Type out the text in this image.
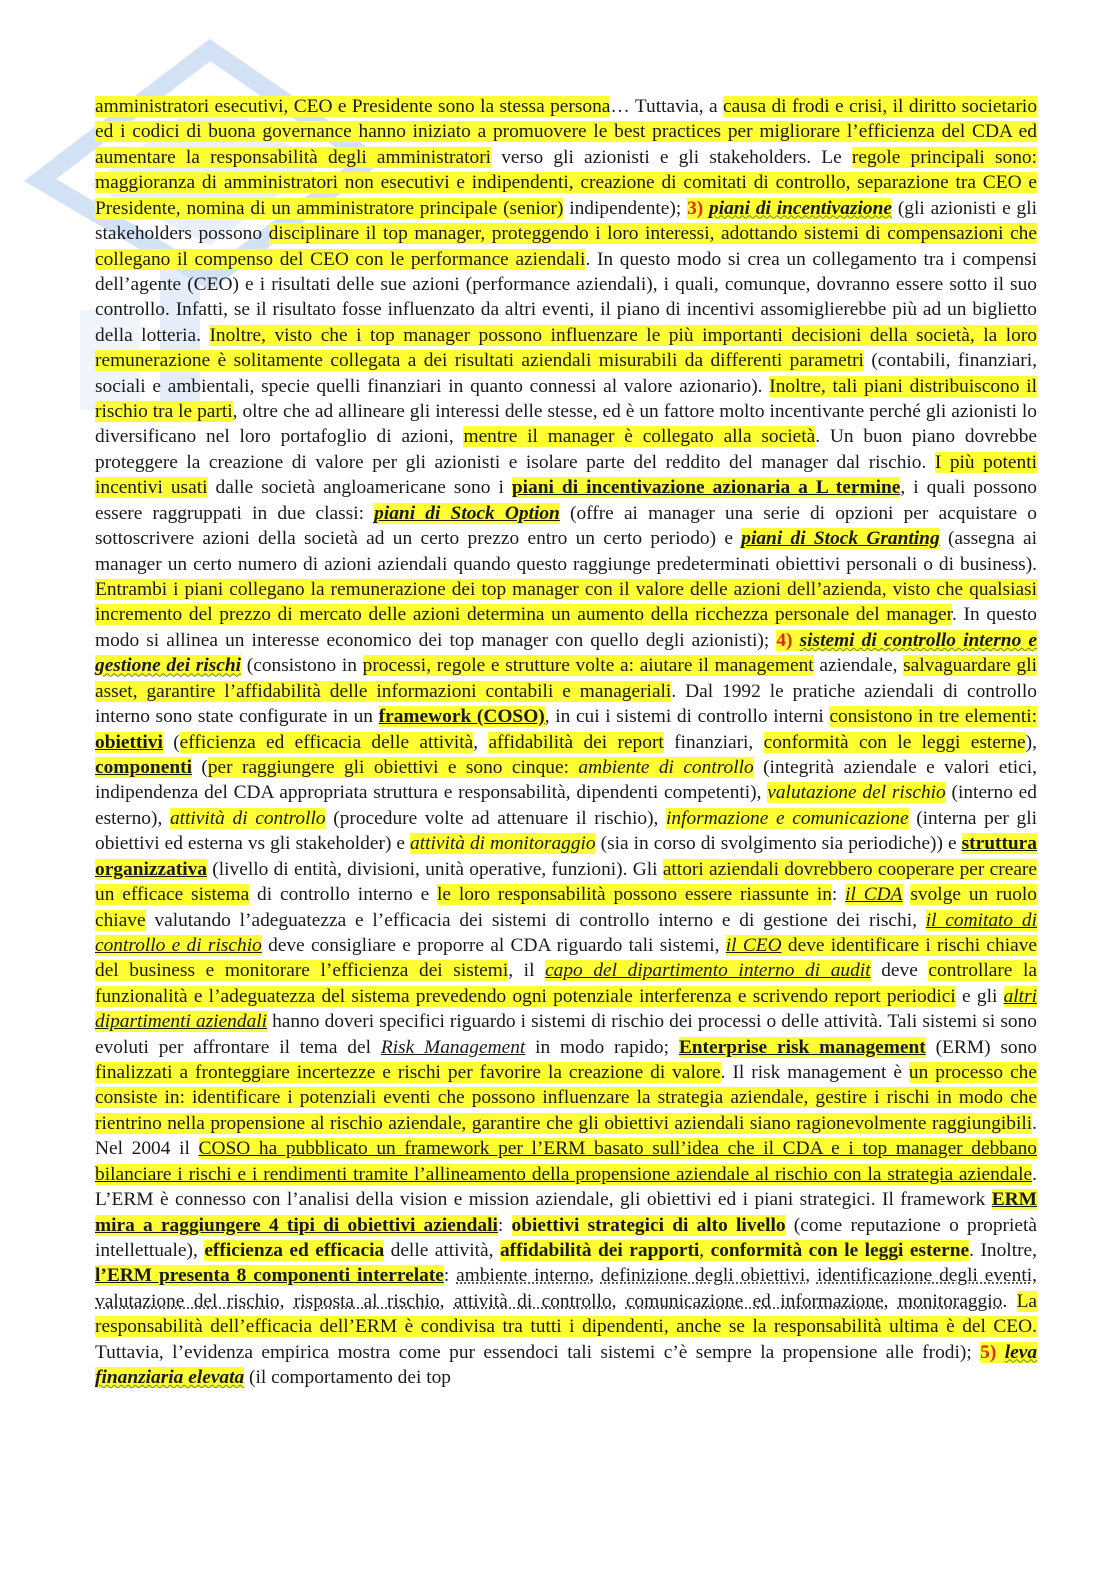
amministratori esecutivi, CEO e Presidente sono la stessa persona… Tuttavia, a causa di frodi e crisi, il diritto societario ed i codici di buona governance hanno iniziato a promuovere le best practices per migliorare l’efficienza del CDA ed aumentare la responsabilità degli amministratori verso gli azionisti e gli stakeholders. Le regole principali sono: maggioranza di amministratori non esecutivi e indipendenti, creazione di comitati di controllo, separazione tra CEO e Presidente, nomina di un amministratore principale (senior) indipendente); 3) piani di incentivazione (gli azionisti e gli stakeholders possono disciplinare il top manager, proteggendo i loro interessi, adottando sistemi di compensazioni che collegano il compenso del CEO con le performance aziendali. In questo modo si crea un collegamento tra i compensi dell’agente (CEO) e i risultati delle sue azioni (performance aziendali), i quali, comunque, dovranno essere sotto il suo controllo. Infatti, se il risultato fosse influenzato da altri eventi, il piano di incentivi assomiglierebbe più ad un biglietto della lotteria. Inoltre, visto che i top manager possono influenzare le più importanti decisioni della società, la loro remunerazione è solitamente collegata a dei risultati aziendali misurabili da differenti parametri (contabili, finanziari, sociali e ambientali, specie quelli finanziari in quanto connessi al valore azionario). Inoltre, tali piani distribuiscono il rischio tra le parti, oltre che ad allineare gli interessi delle stesse, ed è un fattore molto incentivante perché gli azionisti lo diversificano nel loro portafoglio di azioni, mentre il manager è collegato alla società. Un buon piano dovrebbe proteggere la creazione di valore per gli azionisti e isolare parte del reddito del manager dal rischio. I più potenti incentivi usati dalle società angloamericane sono i piani di incentivazione azionaria a L termine, i quali possono essere raggruppati in due classi: piani di Stock Option (offre ai manager una serie di opzioni per acquistare o sottoscrivere azioni della società ad un certo prezzo entro un certo periodo) e piani di Stock Granting (assegna ai manager un certo numero di azioni aziendali quando questo raggiunge predeterminati obiettivi personali o di business). Entrambi i piani collegano la remunerazione dei top manager con il valore delle azioni dell’azienda, visto che qualsiasi incremento del prezzo di mercato delle azioni determina un aumento della ricchezza personale del manager. In questo modo si allinea un interesse economico dei top manager con quello degli azionisti); 4) sistemi di controllo interno e gestione dei rischi (consistono in processi, regole e strutture volte a: aiutare il management aziendale, salvaguardare gli asset, garantire l’affidabilità delle informazioni contabili e manageriali. Dal 1992 le pratiche aziendali di controllo interno sono state configurate in un framework (COSO), in cui i sistemi di controllo interni consistono in tre elementi: obiettivi (efficienza ed efficacia delle attività, affidabilità dei report finanziari, conformità con le leggi esterne), componenti (per raggiungere gli obiettivi e sono cinque: ambiente di controllo (integrità aziendale e valori etici, indipendenza del CDA appropriata struttura e responsabilità, dipendenti competenti), valutazione del rischio (interno ed esterno), attività di controllo (procedure volte ad attenuare il rischio), informazione e comunicazione (interna per gli obiettivi ed esterna vs gli stakeholder) e attività di monitoraggio (sia in corso di svolgimento sia periodiche)) e struttura organizzativa (livello di entità, divisioni, unità operative, funzioni). Gli attori aziendali dovrebbero cooperare per creare un efficace sistema di controllo interno e le loro responsabilità possono essere riassunte in: il CDA svolge un ruolo chiave valutando l’adeguatezza e l’efficacia dei sistemi di controllo interno e di gestione dei rischi, il comitato di controllo e di rischio deve consigliare e proporre al CDA riguardo tali sistemi, il CEO deve identificare i rischi chiave del business e monitorare l’efficienza dei sistemi, il capo del dipartimento interno di audit deve controllare la funzionalità e l’adeguatezza del sistema prevedendo ogni potenziale interferenza e scrivendo report periodici e gli altri dipartimenti aziendali hanno doveri specifici riguardo i sistemi di rischio dei processi o delle attività. Tali sistemi si sono evoluti per affrontare il tema del Risk Management in modo rapido; Enterprise risk management (ERM) sono finalizzati a fronteggiare incertezze e rischi per favorire la creazione di valore. Il risk management è un processo che consiste in: identificare i potenziali eventi che possono influenzare la strategia aziendale, gestire i rischi in modo che rientrino nella propensione al rischio aziendale, garantire che gli obiettivi aziendali siano ragionevolmente raggiungibili. Nel 2004 il COSO ha pubblicato un framework per l’ERM basato sull’idea che il CDA e i top manager debbano bilanciare i rischi e i rendimenti tramite l’allineamento della propensione aziendale al rischio con la strategia aziendale. L’ERM è connesso con l’analisi della vision e mission aziendale, gli obiettivi ed i piani strategici. Il framework ERM mira a raggiungere 4 tipi di obiettivi aziendali: obiettivi strategici di alto livello (come reputazione o proprietà intellettuale), efficienza ed efficacia delle attività, affidabilità dei rapporti, conformità con le leggi esterne. Inoltre, l’ERM presenta 8 componenti interrelate: ambiente interno, definizione degli obiettivi, identificazione degli eventi, valutazione del rischio, risposta al rischio, attività di controllo, comunicazione ed informazione, monitoraggio. La responsabilità dell’efficacia dell’ERM è condivisa tra tutti i dipendenti, anche se la responsabilità ultima è del CEO. Tuttavia, l’evidenza empirica mostra come pur essendoci tali sistemi c’è sempre la propensione alle frodi); 5) leva finanziaria elevata (il comportamento dei top
